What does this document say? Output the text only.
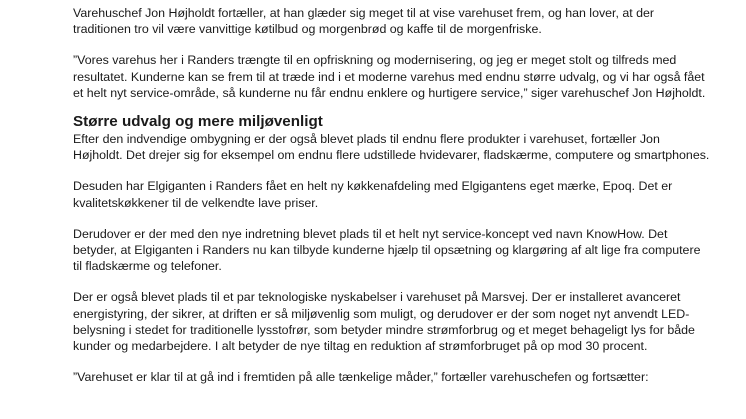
Varehuschef Jon Højholdt fortæller, at han glæder sig meget til at vise varehuset frem, og han lover, at der
traditionen tro vil være vanvittige køtilbud og morgenbrød og kaffe til de morgenfriske.

”Vores varehus her i Randers trængte til en opfriskning og modernisering, og jeg er meget stolt og tilfreds med
resultatet. Kunderne kan se frem til at træde ind i et moderne varehus med endnu større udvalg, og vi har også fået
et helt nyt service-område, så kunderne nu får endnu enklere og hurtigere service,” siger varehuschef Jon Højholdt.

Større udvalg og mere miljøvenligt

Efter den indvendige ombygning er der også blevet plads til endnu flere produkter i varehuset, fortæller Jon
Højholdt. Det drejer sig for eksempel om endnu flere udstillede hvidevarer, fladskærme, computere og smartphones.

Desuden har Elgiganten i Randers fået en helt ny køkkenafdeling med Elgigantens eget mærke, Epoq. Det er
kvalitetskøkkener til de velkendte lave priser.

Derudover er der med den nye indretning blevet plads til et helt nyt service-koncept ved navn KnowHow. Det
betyder, at Elgiganten i Randers nu kan tilbyde kunderne hjælp til opsætning og klargøring af alt lige fra computere
til fladskærme og telefoner.

Der er også blevet plads til et par teknologiske nyskabelser i varehuset på Marsvej. Der er installeret avanceret
energistyring, der sikrer, at driften er så miljøvenlig som muligt, og derudover er der som noget nyt anvendt LED-
belysning i stedet for traditionelle lysstofrør, som betyder mindre strømforbrug og et meget behageligt lys for både
kunder og medarbejdere. I alt betyder de nye tiltag en reduktion af strømforbruget på op mod 30 procent.

”Varehuset er klar til at gå ind i fremtiden på alle tænkelige måder,” fortæller varehuschefen og fortsætter:
